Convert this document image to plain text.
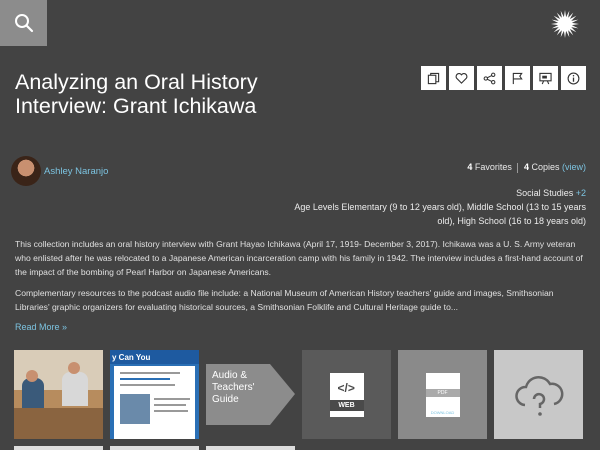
Analyzing an Oral History Interview: Grant Ichikawa
Ashley Naranjo	4 Favorites 4 Copies (view)
Social Studies +2
Age Levels Elementary (9 to 12 years old), Middle School (13 to 15 years old), High School (16 to 18 years old)

This collection includes an oral history interview with Grant Hayao Ichikawa (April 17, 1919- December 3, 2017). Ichikawa was a U. S. Army veteran who enlisted after he was relocated to a Japanese American incarceration camp with his family in 1942. The interview includes a first-hand account of the impact of the bombing of Pearl Harbor on Japanese Americans.

Complementary resources to the podcast audio file include: a National Museum of American History teachers' guide and images, Smithsonian Libraries' graphic organizers for evaluating historical sources, a Smithsonian Folklife and Cultural Heritage guide to...

Read More »
y Can You
Audio & Teachers' Guide
</>
WEB
PDF
DOWNLOAD
